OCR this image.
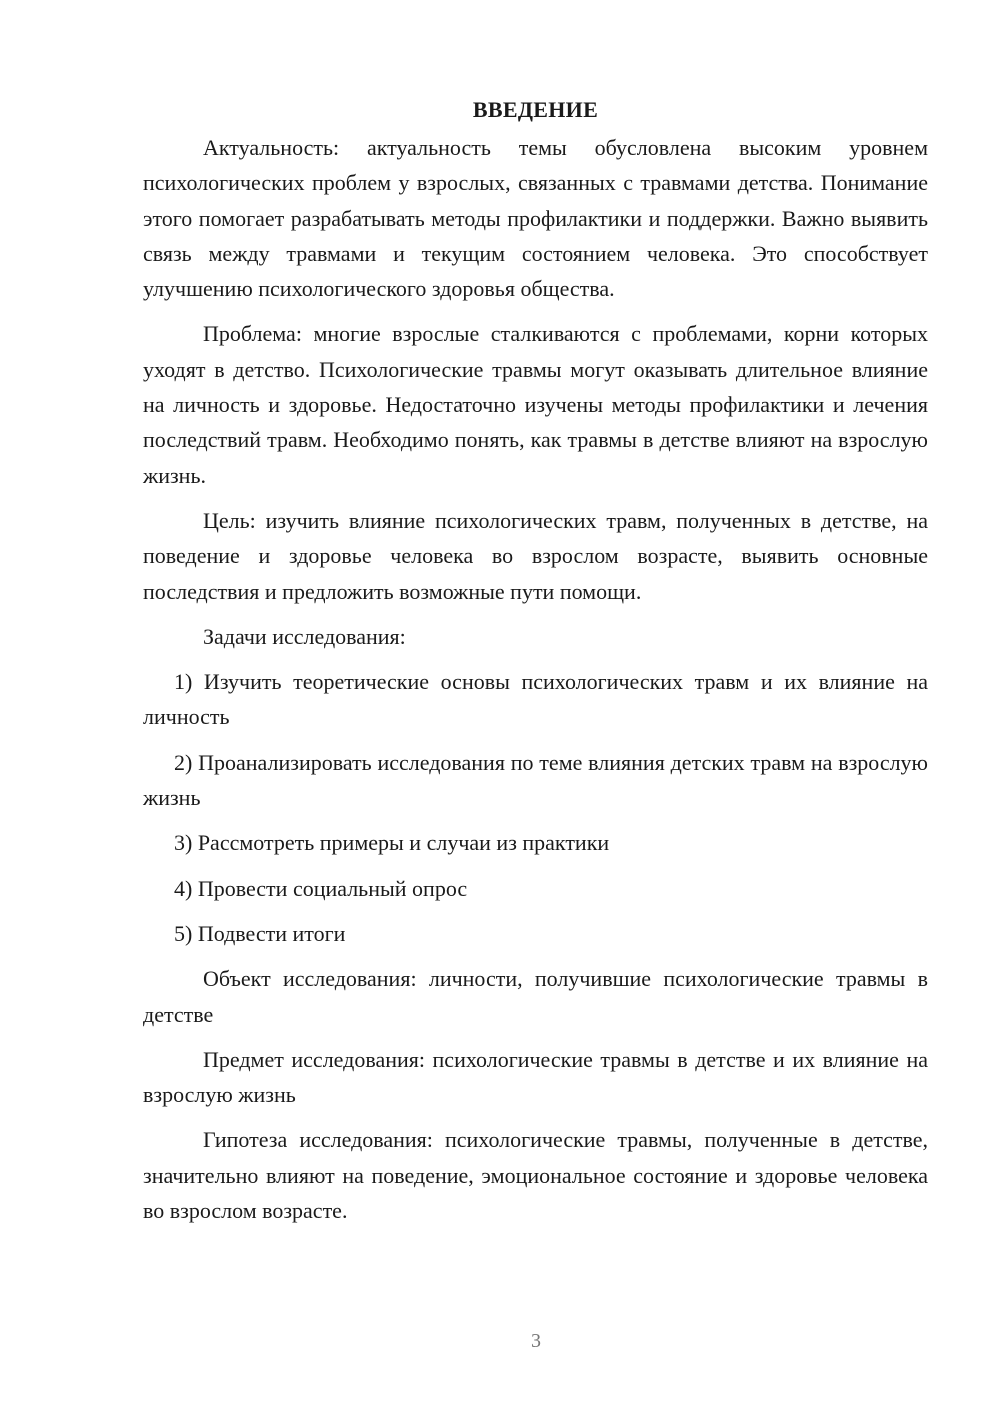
ВВЕДЕНИЕ

Актуальность: актуальность темы обусловлена высоким уровнем психологических проблем у взрослых, связанных с травмами детства. Понимание этого помогает разрабатывать методы профилактики и поддержки. Важно выявить связь между травмами и текущим состоянием человека. Это способствует улучшению психологического здоровья общества.

Проблема: многие взрослые сталкиваются с проблемами, корни которых уходят в детство. Психологические травмы могут оказывать длительное влияние на личность и здоровье. Недостаточно изучены методы профилактики и лечения последствий травм. Необходимо понять, как травмы в детстве влияют на взрослую жизнь.

Цель: изучить влияние психологических травм, полученных в детстве, на поведение и здоровье человека во взрослом возрасте, выявить основные последствия и предложить возможные пути помощи.

Задачи исследования:

1) Изучить теоретические основы психологических травм и их влияние на личность

2) Проанализировать исследования по теме влияния детских травм на взрослую жизнь

3) Рассмотреть примеры и случаи из практики

4) Провести социальный опрос

5) Подвести итоги

Объект исследования: личности, получившие психологические травмы в детстве

Предмет исследования: психологические травмы в детстве и их влияние на взрослую жизнь

Гипотеза исследования: психологические травмы, полученные в детстве, значительно влияют на поведение, эмоциональное состояние и здоровье человека во взрослом возрасте.

3
